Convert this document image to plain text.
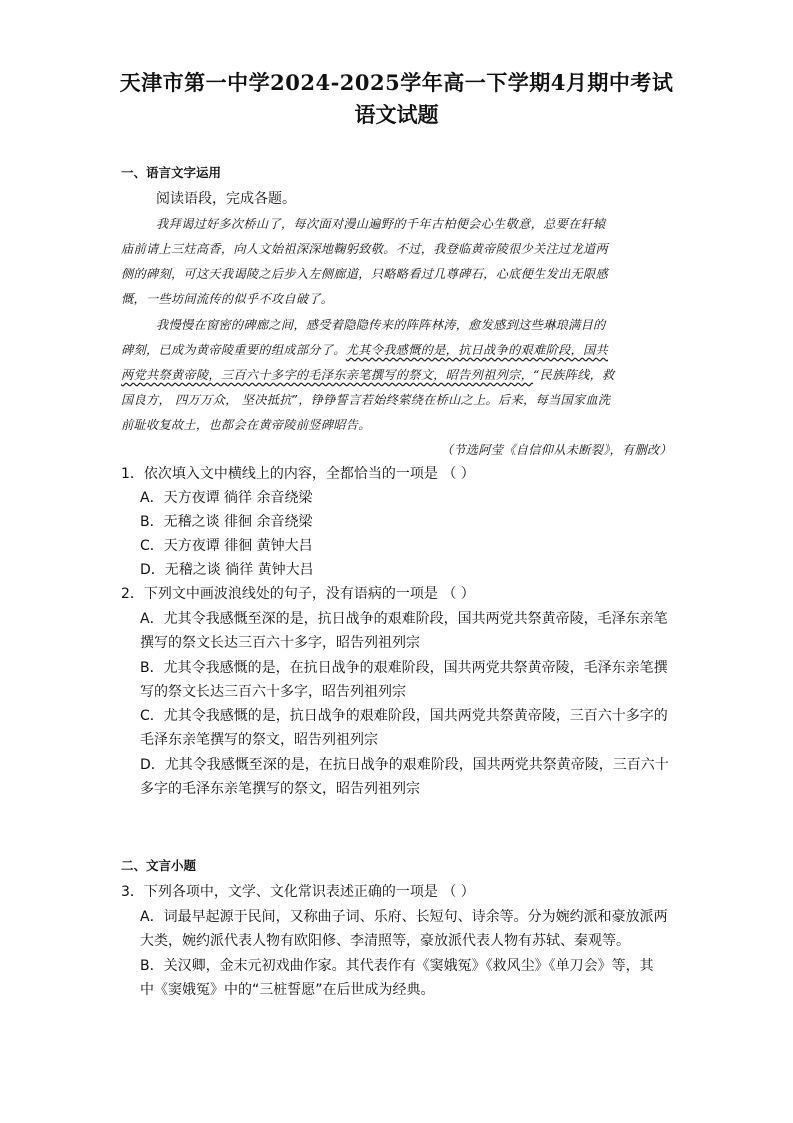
天津市第一中学2024-2025学年高一下学期4月期中考试
语文试题
一、语言文字运用
阅读语段，完成各题。
我拜谒过好多次桥山了，每次面对漫山遍野的千年古柏便会心生敬意，总要在轩辕
庙前请上三炷高香，向人文始祖深深地鞠躬致敬。不过，我登临黄帝陵很少关注过龙道两
侧的碑刻，可这天我谒陵之后步入左侧廊道，只略略看过几尊碑石，心底便生发出无限感
慨，一些坊间流传的似乎不攻自破了。
我慢慢在窗密的碑廊之间，感受着隐隐传来的阵阵林涛，愈发感到这些琳琅满目的
碑刻，已成为黄帝陵重要的组成部分了。尤其令我感慨的是，抗日战争的艰难阶段，国共
两党共祭黄帝陵，三百六十多字的毛泽东亲笔撰写的祭文，昭告列祖列宗，“民族阵线，救
国良方， 四万万众， 坚决抵抗”，铮铮誓言若始终萦绕在桥山之上。后来，每当国家血洗
前耻收复故土，也都会在黄帝陵前竖碑昭告。
（节选阿莹《自信仰从未断裂》，有删改）
1．依次填入文中横线上的内容，全都恰当的一项是 （ ）
A．天方夜谭 徜徉 余音绕梁
B．无稽之谈 徘徊 余音绕梁
C．天方夜谭 徘徊 黄钟大吕
D．无稽之谈 徜徉 黄钟大吕
2．下列文中画波浪线处的句子，没有语病的一项是 （ ）
A．尤其令我感慨至深的是，抗日战争的艰难阶段，国共两党共祭黄帝陵，毛泽东亲笔
撰写的祭文长达三百六十多字，昭告列祖列宗
B．尤其令我感慨的是，在抗日战争的艰难阶段，国共两党共祭黄帝陵，毛泽东亲笔撰
写的祭文长达三百六十多字，昭告列祖列宗
C．尤其令我感慨的是，抗日战争的艰难阶段，国共两党共祭黄帝陵，三百六十多字的
毛泽东亲笔撰写的祭文，昭告列祖列宗
D．尤其令我感慨至深的是，在抗日战争的艰难阶段，国共两党共祭黄帝陵，三百六十
多字的毛泽东亲笔撰写的祭文，昭告列祖列宗
二、文言小题
3．下列各项中，文学、文化常识表述正确的一项是 （ ）
A．词最早起源于民间，又称曲子词、乐府、长短句、诗余等。分为婉约派和豪放派两
大类，婉约派代表人物有欧阳修、李清照等，豪放派代表人物有苏轼、秦观等。
B．关汉卿，金末元初戏曲作家。其代表作有《窦娥冤》《救风尘》《单刀会》等，其
中《窦娥冤》中的“三桩誓愿”在后世成为经典。
